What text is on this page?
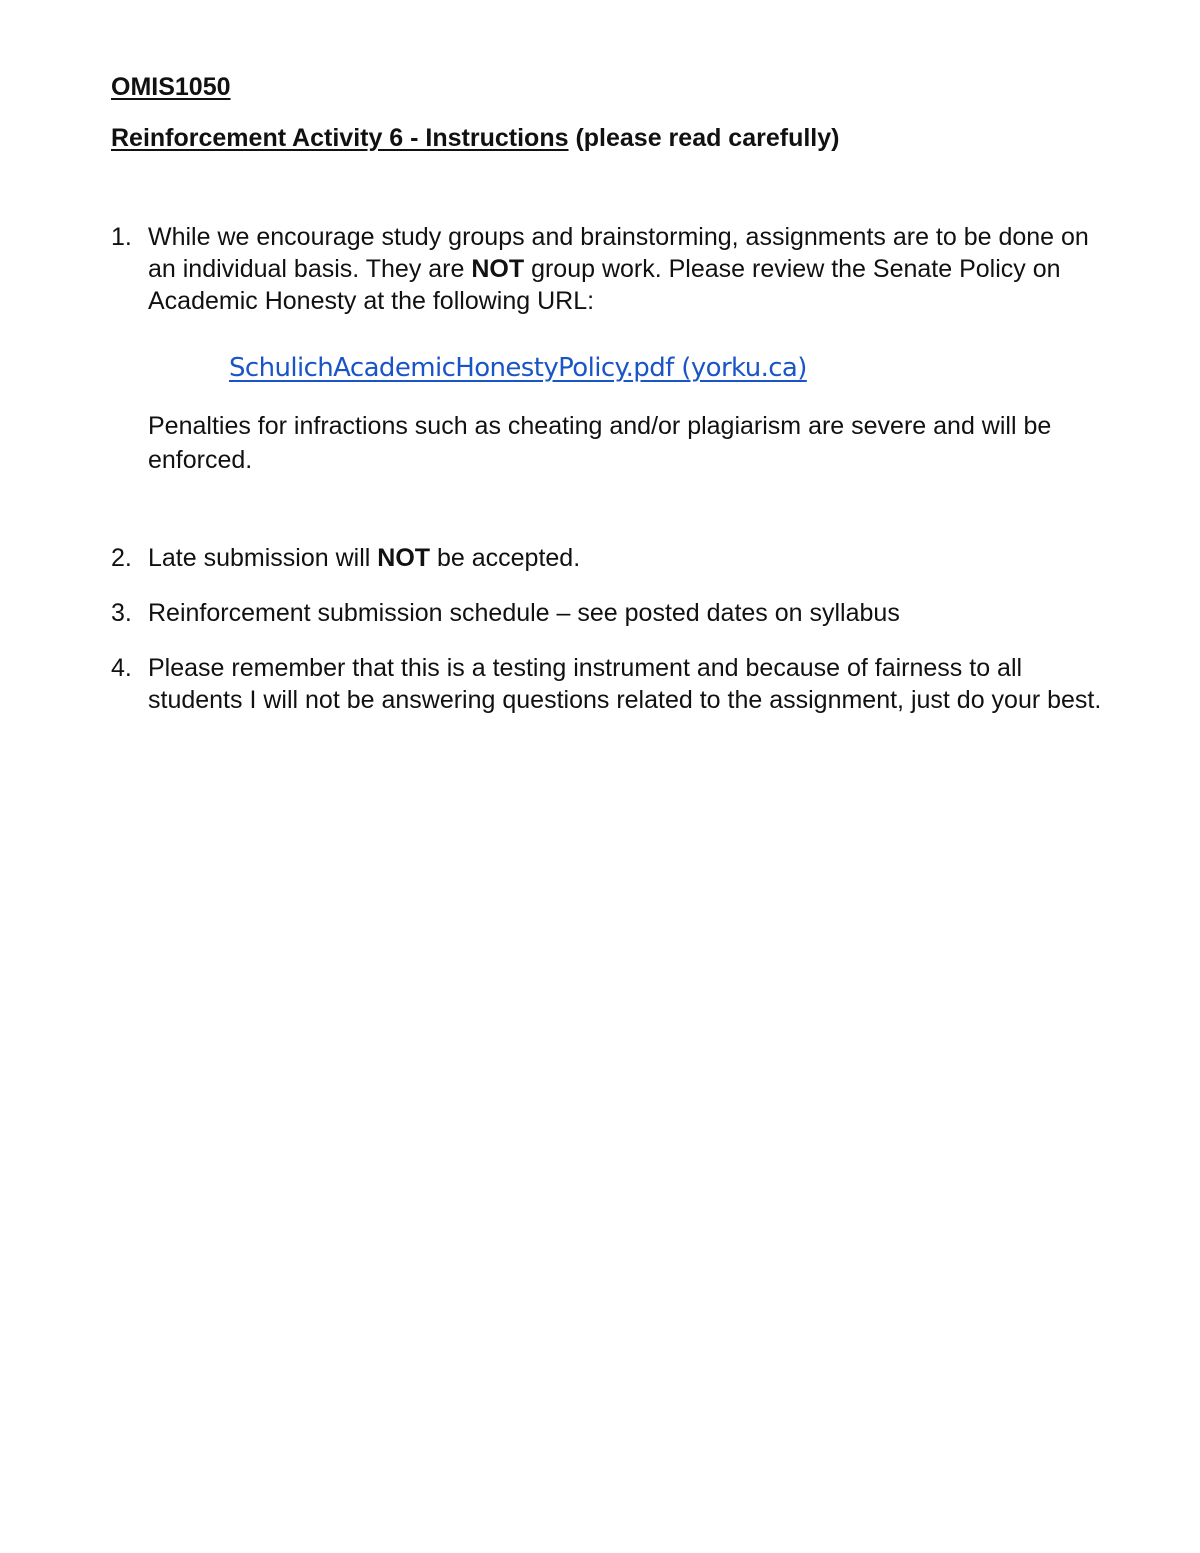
OMIS1050
Reinforcement Activity 6 - Instructions (please read carefully)
1. While we encourage study groups and brainstorming, assignments are to be done on an individual basis. They are NOT group work. Please review the Senate Policy on Academic Honesty at the following URL:
SchulichAcademicHonestyPolicy.pdf (yorku.ca)
Penalties for infractions such as cheating and/or plagiarism are severe and will be enforced.
2. Late submission will NOT be accepted.
3. Reinforcement submission schedule – see posted dates on syllabus
4. Please remember that this is a testing instrument and because of fairness to all students I will not be answering questions related to the assignment, just do your best.
